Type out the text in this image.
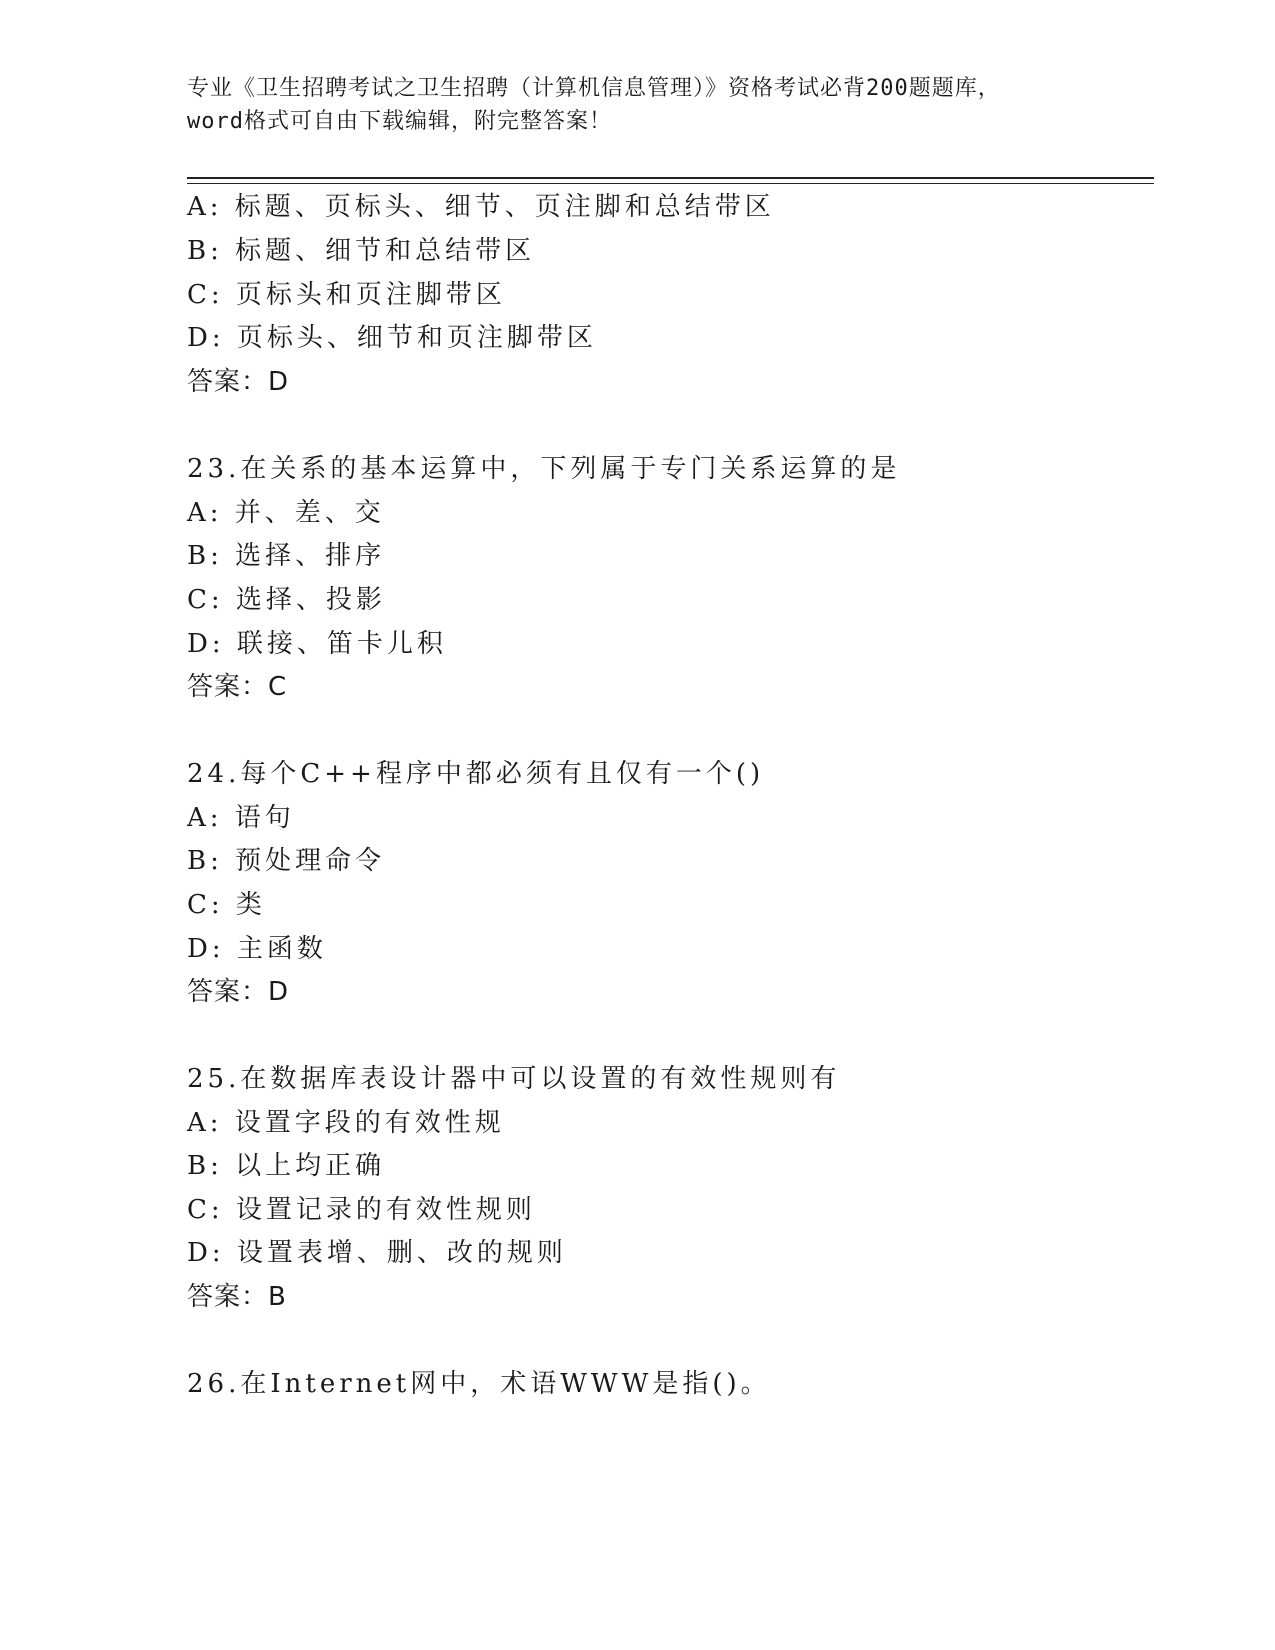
专业《卫生招聘考试之卫生招聘（计算机信息管理）》资格考试必背200题题库，
word格式可自由下载编辑，附完整答案！
A: 标题、页标头、细节、页注脚和总结带区
B: 标题、细节和总结带区
C: 页标头和页注脚带区
D: 页标头、细节和页注脚带区
答案：D
23.在关系的基本运算中，下列属于专门关系运算的是
A: 并、差、交
B: 选择、排序
C: 选择、投影
D: 联接、笛卡儿积
答案：C
24.每个C++程序中都必须有且仅有一个()
A: 语句
B: 预处理命令
C: 类
D: 主函数
答案：D
25.在数据库表设计器中可以设置的有效性规则有
A: 设置字段的有效性规
B: 以上均正确
C: 设置记录的有效性规则
D: 设置表增、删、改的规则
答案：B
26.在Internet网中，术语WWW是指()。
